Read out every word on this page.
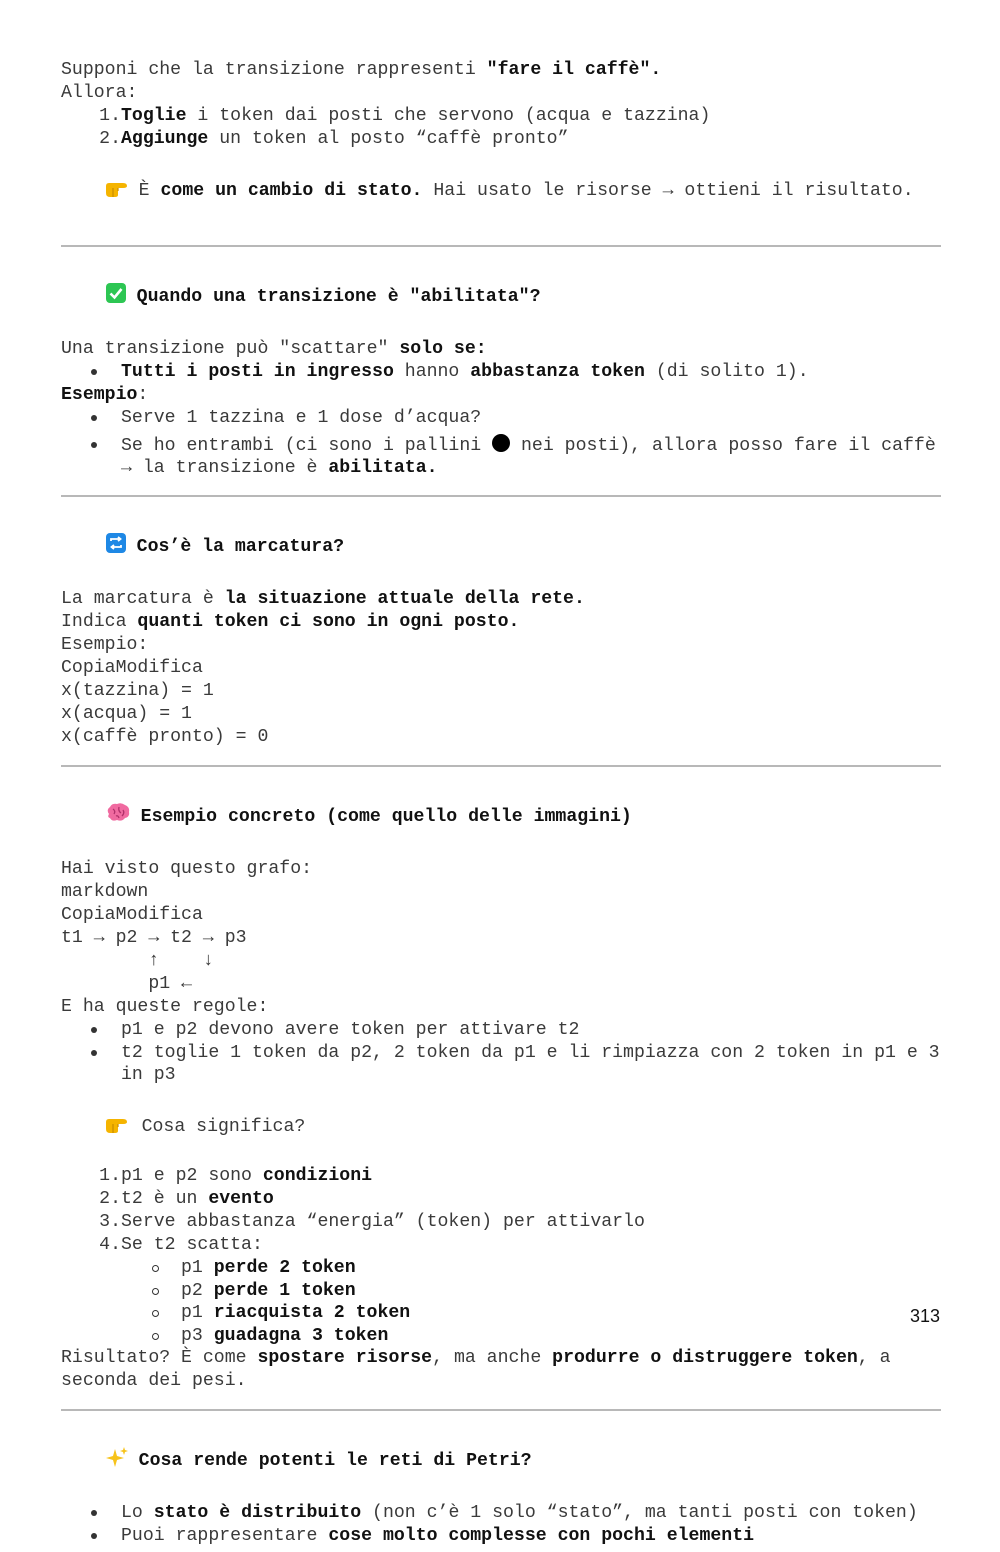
Supponi che la transizione rappresenti "fare il caffè".
Allora:
1. Toglie i token dai posti che servono (acqua e tazzina)
2. Aggiunge un token al posto “caffè pronto”

È come un cambio di stato. Hai usato le risorse → ottieni il risultato.

Quando una transizione è "abilitata"?

Una transizione può "scattare" solo se:
Tutti i posti in ingresso hanno abbastanza token (di solito 1).
Esempio:
Serve 1 tazzina e 1 dose d’acqua?
Se ho entrambi (ci sono i pallini  nei posti), allora posso fare il caffè → la transizione è abilitata.

Cos’è la marcatura?

La marcatura è la situazione attuale della rete.
Indica quanti token ci sono in ogni posto.
Esempio:
CopiaModifica
x(tazzina) = 1
x(acqua) = 1
x(caffè pronto) = 0

Esempio concreto (come quello delle immagini)

Hai visto questo grafo:
markdown
CopiaModifica
t1 → p2 → t2 → p3
↑    ↓
p1 ←
E ha queste regole:
p1 e p2 devono avere token per attivare t2
t2 toglie 1 token da p2, 2 token da p1 e li rimpiazza con 2 token in p1 e 3 in p3

Cosa significa?

1. p1 e p2 sono condizioni
2. t2 è un evento
3. Serve abbastanza “energia” (token) per attivarlo
4. Se t2 scatta:
p1 perde 2 token
p2 perde 1 token
p1 riacquista 2 token
p3 guadagna 3 token
Risultato? È come spostare risorse, ma anche produrre o distruggere token, a seconda dei pesi.

Cosa rende potenti le reti di Petri?

Lo stato è distribuito (non c’è 1 solo “stato”, ma tanti posti con token)
Puoi rappresentare cose molto complesse con pochi elementi
313
